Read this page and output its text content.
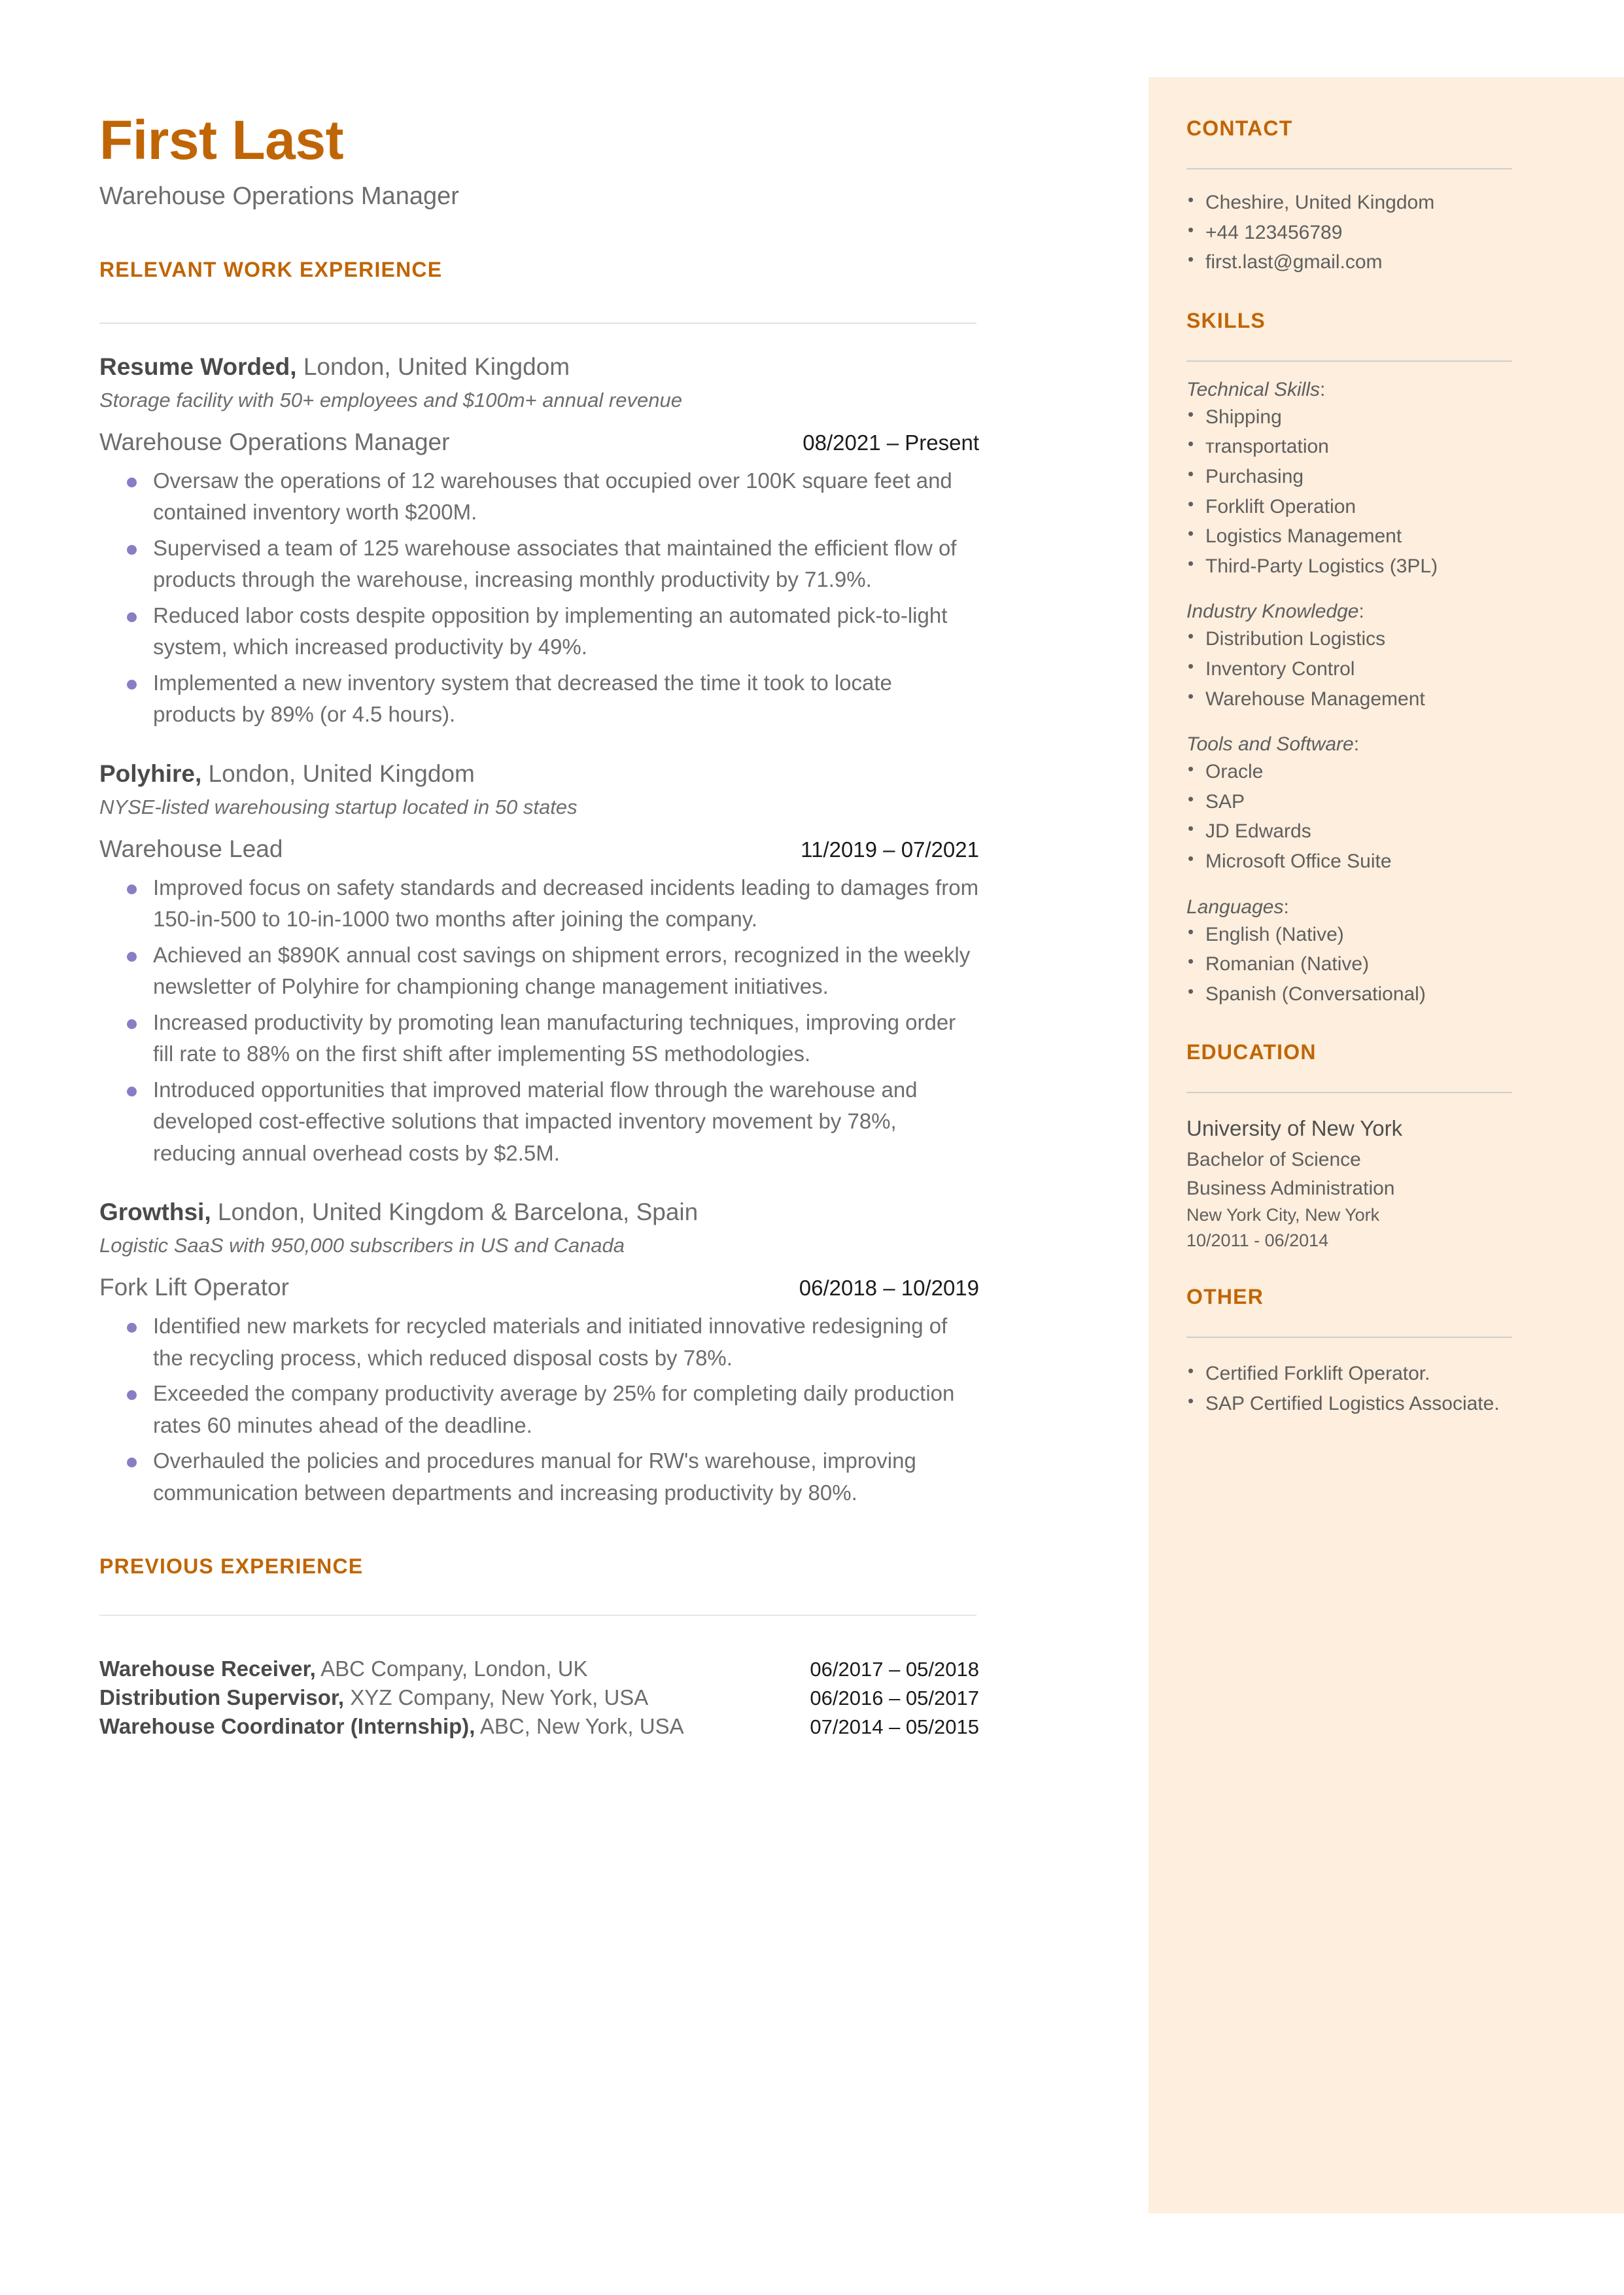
First Last
Warehouse Operations Manager
RELEVANT WORK EXPERIENCE
Resume Worded, London, United Kingdom
Storage facility with 50+ employees and $100m+ annual revenue
Warehouse Operations Manager	08/2021 – Present
Oversaw the operations of 12 warehouses that occupied over 100K square feet and contained inventory worth $200M.
Supervised a team of 125 warehouse associates that maintained the efficient flow of products through the warehouse, increasing monthly productivity by 71.9%.
Reduced labor costs despite opposition by implementing an automated pick-to-light system, which increased productivity by 49%.
Implemented a new inventory system that decreased the time it took to locate products by 89% (or 4.5 hours).
Polyhire, London, United Kingdom
NYSE-listed warehousing startup located in 50 states
Warehouse Lead	11/2019 – 07/2021
Improved focus on safety standards and decreased incidents leading to damages from 150-in-500 to 10-in-1000 two months after joining the company.
Achieved an $890K annual cost savings on shipment errors, recognized in the weekly newsletter of Polyhire for championing change management initiatives.
Increased productivity by promoting lean manufacturing techniques, improving order fill rate to 88% on the first shift after implementing 5S methodologies.
Introduced opportunities that improved material flow through the warehouse and developed cost-effective solutions that impacted inventory movement by 78%, reducing annual overhead costs by $2.5M.
Growthsi, London, United Kingdom & Barcelona, Spain
Logistic SaaS with 950,000 subscribers in US and Canada
Fork Lift Operator	06/2018 – 10/2019
Identified new markets for recycled materials and initiated innovative redesigning of the recycling process, which reduced disposal costs by 78%.
Exceeded the company productivity average by 25% for completing daily production rates 60 minutes ahead of the deadline.
Overhauled the policies and procedures manual for RW's warehouse, improving communication between departments and increasing productivity by 80%.
PREVIOUS EXPERIENCE
Warehouse Receiver, ABC Company, London, UK	06/2017 – 05/2018
Distribution Supervisor, XYZ Company, New York, USA	06/2016 – 05/2017
Warehouse Coordinator (Internship), ABC, New York, USA	07/2014 – 05/2015
CONTACT
• Cheshire, United Kingdom
• +44 123456789
• first.last@gmail.com
SKILLS
Technical Skills:
• Shipping
• тransportation
• Purchasing
• Forklift Operation
• Logistics Management
• Third-Party Logistics (3PL)
Industry Knowledge:
• Distribution Logistics
• Inventory Control
• Warehouse Management
Tools and Software:
• Oracle
• SAP
• JD Edwards
• Microsoft Office Suite
Languages:
• English (Native)
• Romanian (Native)
• Spanish (Conversational)
EDUCATION
University of New York
Bachelor of Science
Business Administration
New York City, New York
10/2011 - 06/2014
OTHER
• Certified Forklift Operator.
• SAP Certified Logistics Associate.
